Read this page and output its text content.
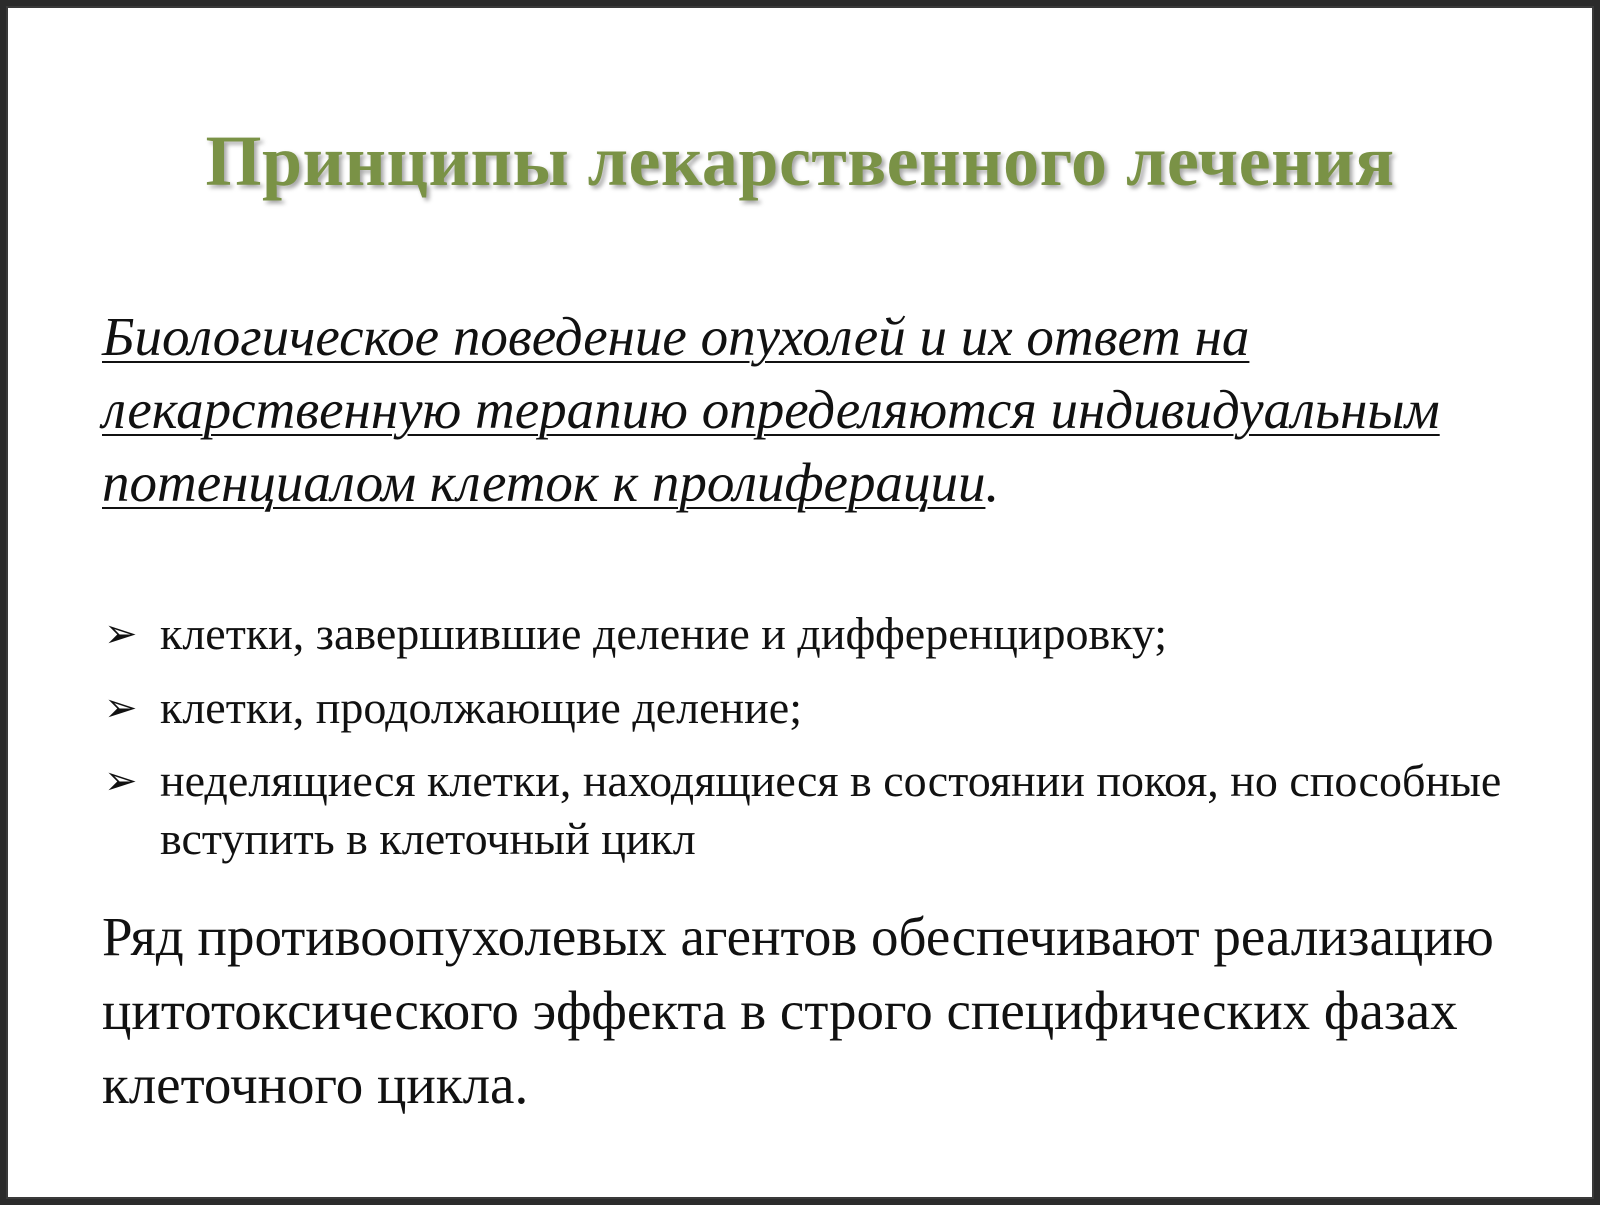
Принципы лекарственного лечения
Биологическое поведение опухолей и их ответ на лекарственную терапию определяются индивидуальным потенциалом клеток к пролиферации.
➢ клетки, завершившие деление и дифференцировку;
➢ клетки, продолжающие деление;
➢ неделящиеся клетки, находящиеся в состоянии покоя, но способные вступить в клеточный цикл
Ряд противоопухолевых агентов обеспечивают реализацию цитотоксического эффекта в строго специфических фазах клеточного цикла.
